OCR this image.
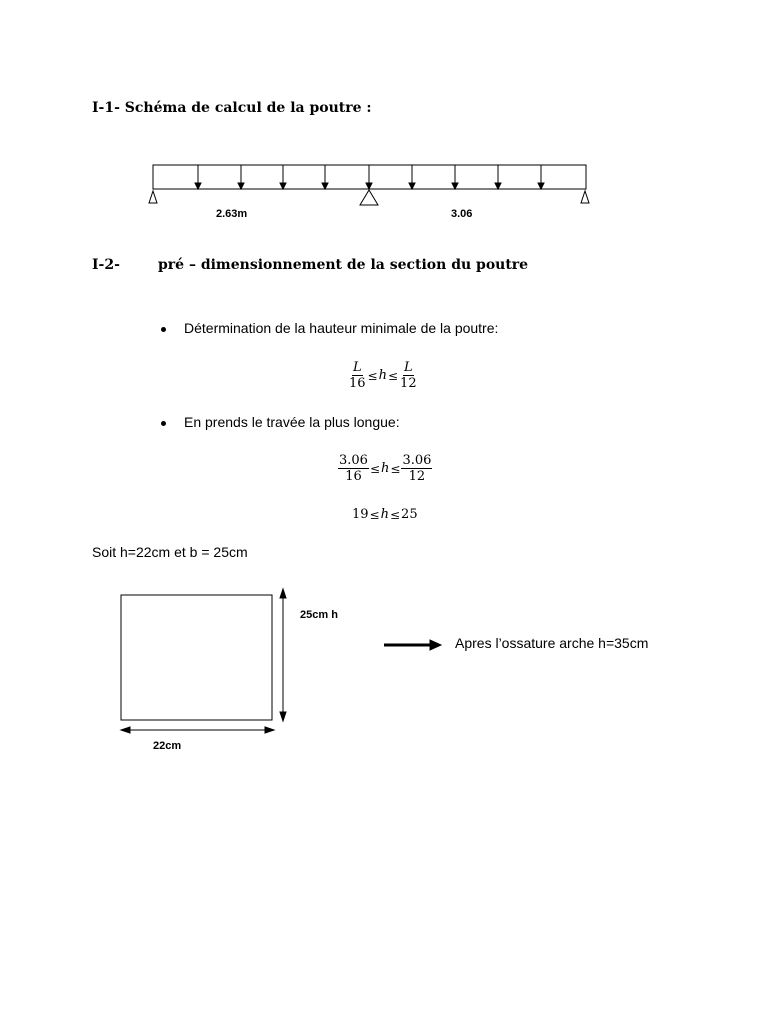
I-1- Schéma de calcul de la poutre :
2.63m	3.06
I-2-	pré – dimensionnement de la section du poutre
Détermination de la hauteur minimale de la poutre:
$\frac{L}{16} \le h \le \frac{L}{12}$
En prends le travée la plus longue:
$\frac{3.06}{16} \le h \le \frac{3.06}{12}$
19 ≤ h ≤ 25
Soit h=22cm et b = 25cm
25cm h
22cm
Apres l’ossature arche h=35cm
